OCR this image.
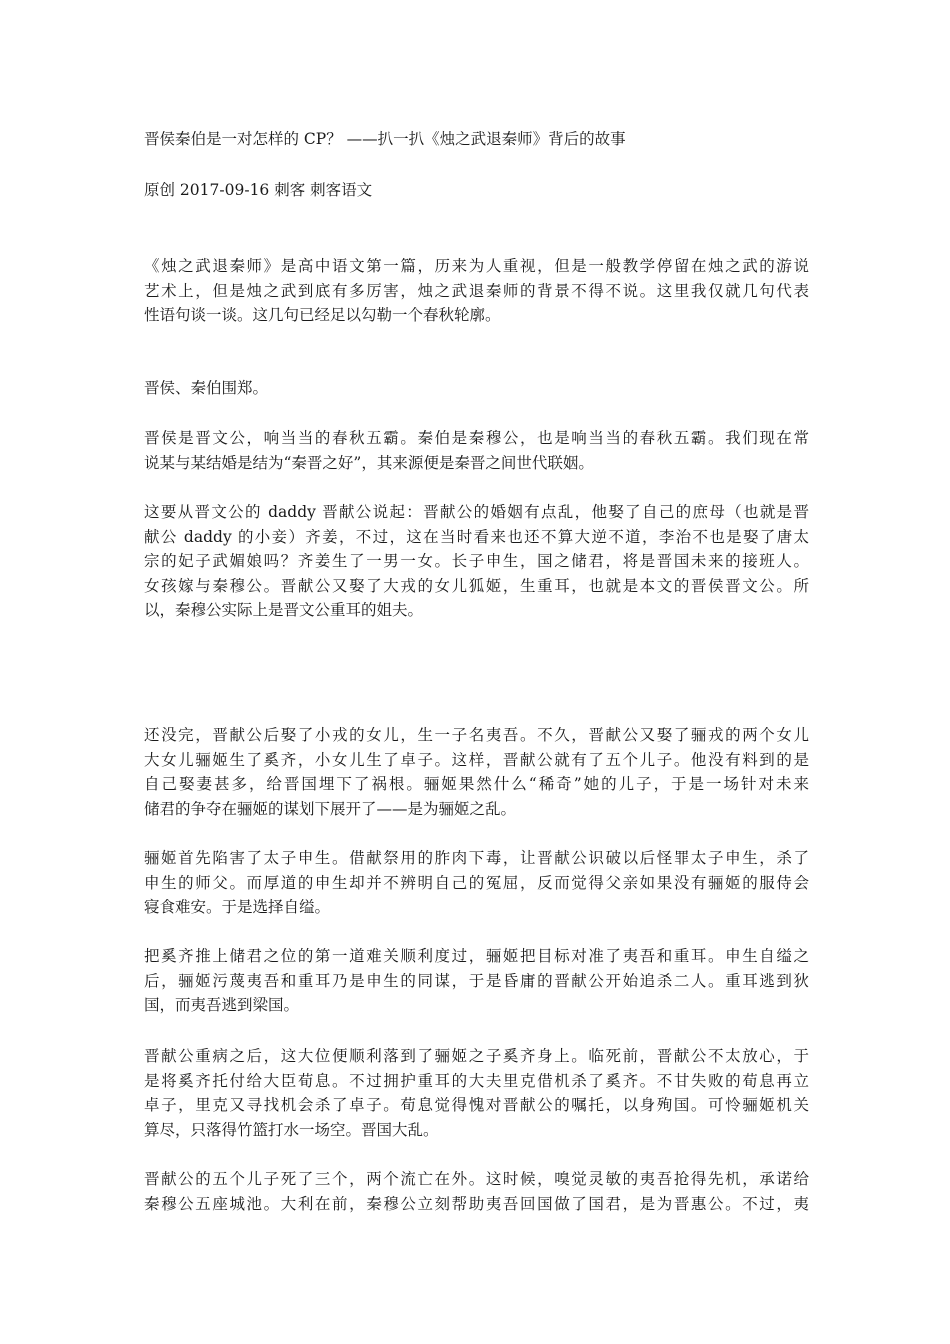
晋侯秦伯是一对怎样的 CP？ ——扒一扒《烛之武退秦师》背后的故事
原创 2017-09-16 刺客 刺客语文
《烛之武退秦师》是高中语文第一篇，历来为人重视，但是一般教学停留在烛之武的游说
艺术上，但是烛之武到底有多厉害，烛之武退秦师的背景不得不说。这里我仅就几句代表
性语句谈一谈。这几句已经足以勾勒一个春秋轮廓。
晋侯、秦伯围郑。
晋侯是晋文公，响当当的春秋五霸。秦伯是秦穆公，也是响当当的春秋五霸。我们现在常
说某与某结婚是结为“秦晋之好”，其来源便是秦晋之间世代联姻。
这要从晋文公的 daddy 晋献公说起：晋献公的婚姻有点乱，他娶了自己的庶母（也就是晋
献公 daddy 的小妾）齐姜，不过，这在当时看来也还不算大逆不道，李治不也是娶了唐太
宗的妃子武媚娘吗？齐姜生了一男一女。长子申生，国之储君，将是晋国未来的接班人。
女孩嫁与秦穆公。晋献公又娶了大戎的女儿狐姬，生重耳，也就是本文的晋侯晋文公。所
以，秦穆公实际上是晋文公重耳的姐夫。
还没完，晋献公后娶了小戎的女儿，生一子名夷吾。不久，晋献公又娶了骊戎的两个女儿
大女儿骊姬生了奚齐，小女儿生了卓子。这样，晋献公就有了五个儿子。他没有料到的是
自己娶妻甚多，给晋国埋下了祸根。骊姬果然什么“稀奇”她的儿子，于是一场针对未来
储君的争夺在骊姬的谋划下展开了——是为骊姬之乱。
骊姬首先陷害了太子申生。借献祭用的胙肉下毒，让晋献公识破以后怪罪太子申生，杀了
申生的师父。而厚道的申生却并不辨明自己的冤屈，反而觉得父亲如果没有骊姬的服侍会
寝食难安。于是选择自缢。
把奚齐推上储君之位的第一道难关顺利度过，骊姬把目标对准了夷吾和重耳。申生自缢之
后，骊姬污蔑夷吾和重耳乃是申生的同谋，于是昏庸的晋献公开始追杀二人。重耳逃到狄
国，而夷吾逃到梁国。
晋献公重病之后，这大位便顺利落到了骊姬之子奚齐身上。临死前，晋献公不太放心，于
是将奚齐托付给大臣荀息。不过拥护重耳的大夫里克借机杀了奚齐。不甘失败的荀息再立
卓子，里克又寻找机会杀了卓子。荀息觉得愧对晋献公的嘱托，以身殉国。可怜骊姬机关
算尽，只落得竹篮打水一场空。晋国大乱。
晋献公的五个儿子死了三个，两个流亡在外。这时候，嗅觉灵敏的夷吾抢得先机，承诺给
秦穆公五座城池。大利在前，秦穆公立刻帮助夷吾回国做了国君，是为晋惠公。不过，夷
